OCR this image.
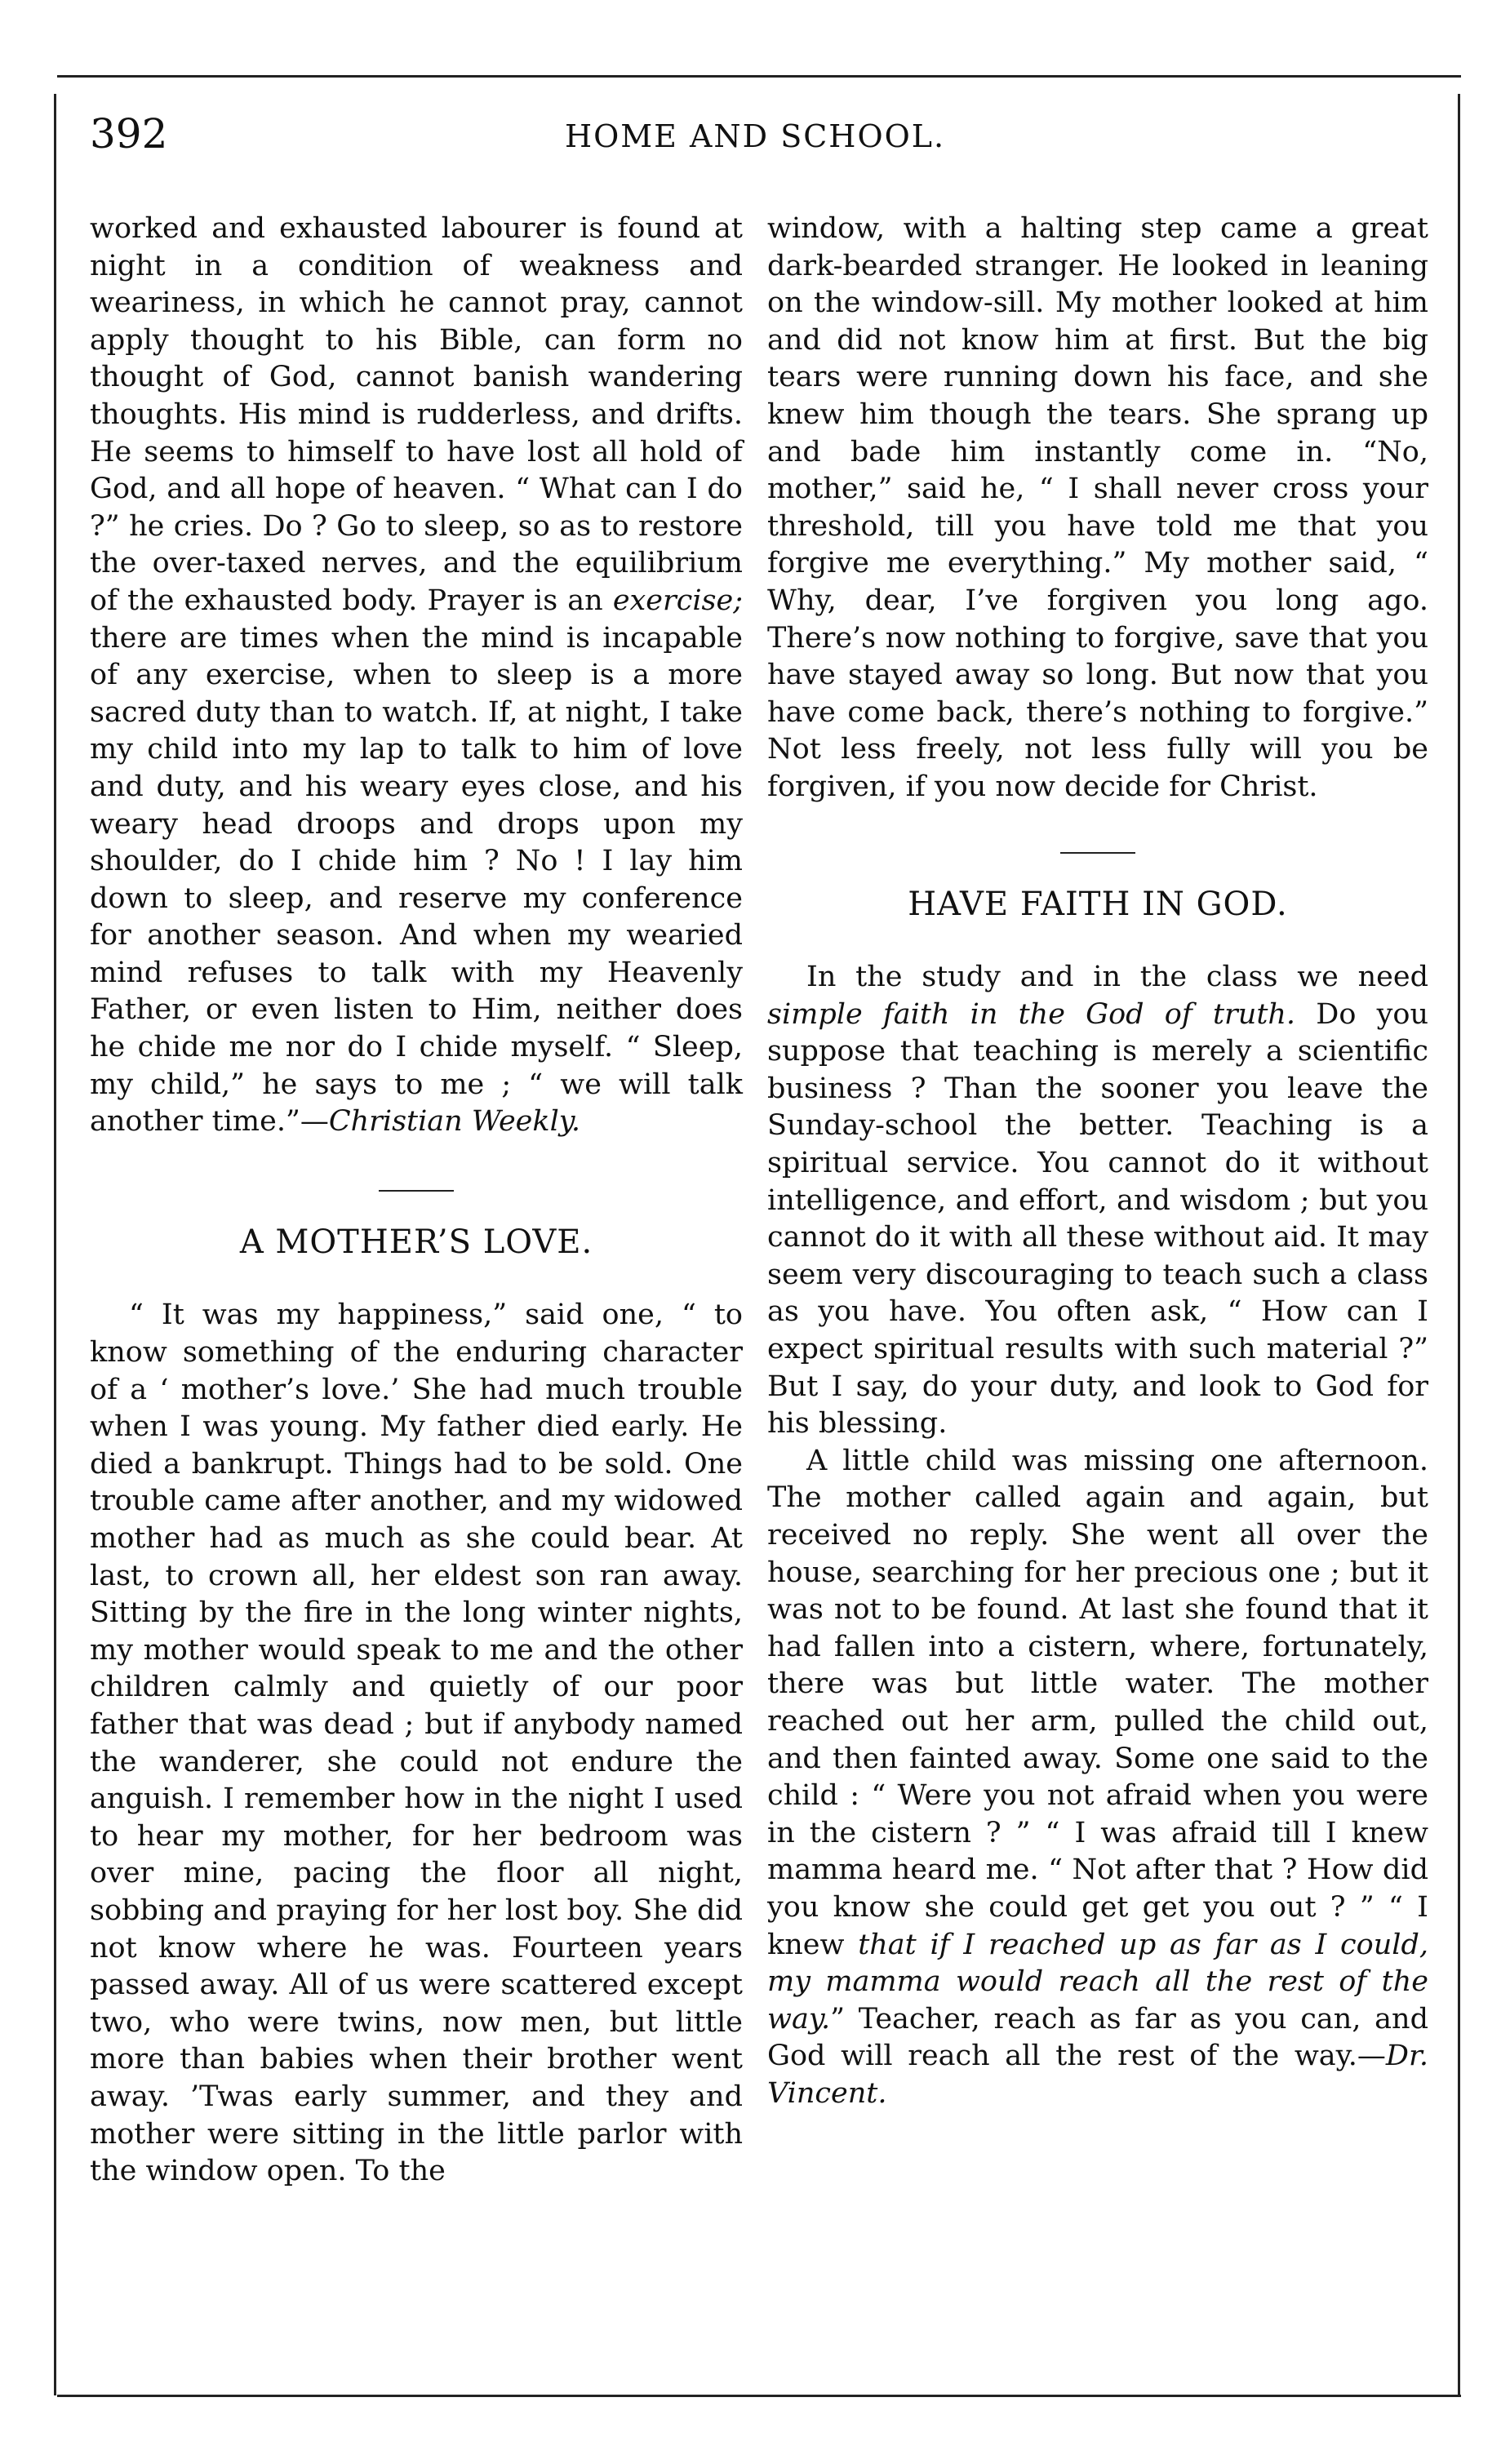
392	HOME AND SCHOOL.

worked and exhausted labourer is found at night in a condition of weakness and weariness, in which he cannot pray, cannot apply thought to his Bible, can form no thought of God, cannot banish wandering thoughts. His mind is rudderless, and drifts. He seems to himself to have lost all hold of God, and all hope of heaven. “ What can I do ?” he cries. Do ? Go to sleep, so as to restore the over-taxed nerves, and the equilibrium of the exhausted body. Prayer is an exercise; there are times when the mind is incapable of any exercise, when to sleep is a more sacred duty than to watch. If, at night, I take my child into my lap to talk to him of love and duty, and his weary eyes close, and his weary head droops and drops upon my shoulder, do I chide him ? No ! I lay him down to sleep, and reserve my conference for another season. And when my wearied mind refuses to talk with my Heavenly Father, or even listen to Him, neither does he chide me nor do I chide myself. “ Sleep, my child,” he says to me ; “ we will talk another time.”—Christian Weekly.

A MOTHER’S LOVE.

“ It was my happiness,” said one, “ to know something of the enduring character of a ‘ mother’s love.’ She had much trouble when I was young. My father died early. He died a bankrupt. Things had to be sold. One trouble came after another, and my widowed mother had as much as she could bear. At last, to crown all, her eldest son ran away. Sitting by the fire in the long winter nights, my mother would speak to me and the other children calmly and quietly of our poor father that was dead ; but if anybody named the wanderer, she could not endure the anguish. I remember how in the night I used to hear my mother, for her bedroom was over mine, pacing the floor all night, sobbing and praying for her lost boy. She did not know where he was. Fourteen years passed away. All of us were scattered except two, who were twins, now men, but little more than babies when their brother went away. ’Twas early summer, and they and mother were sitting in the little parlor with the window open. To the

window, with a halting step came a great dark-bearded stranger. He looked in leaning on the window-sill. My mother looked at him and did not know him at first. But the big tears were running down his face, and she knew him though the tears. She sprang up and bade him instantly come in. “No, mother,” said he, “ I shall never cross your threshold, till you have told me that you forgive me everything.” My mother said, “ Why, dear, I’ve forgiven you long ago. There’s now nothing to forgive, save that you have stayed away so long. But now that you have come back, there’s nothing to forgive.” Not less freely, not less fully will you be forgiven, if you now decide for Christ.

HAVE FAITH IN GOD.

In the study and in the class we need simple faith in the God of truth. Do you suppose that teaching is merely a scientific business ? Than the sooner you leave the Sunday-school the better. Teaching is a spiritual service. You cannot do it without intelligence, and effort, and wisdom ; but you cannot do it with all these without aid. It may seem very discouraging to teach such a class as you have. You often ask, “ How can I expect spiritual results with such material ?” But I say, do your duty, and look to God for his blessing.

A little child was missing one afternoon. The mother called again and again, but received no reply. She went all over the house, searching for her precious one ; but it was not to be found. At last she found that it had fallen into a cistern, where, fortunately, there was but little water. The mother reached out her arm, pulled the child out, and then fainted away. Some one said to the child : “ Were you not afraid when you were in the cistern ? ” “ I was afraid till I knew mamma heard me. “ Not after that ? How did you know she could get get you out ? ” “ I knew that if I reached up as far as I could, my mamma would reach all the rest of the way.” Teacher, reach as far as you can, and God will reach all the rest of the way.—Dr. Vincent.
